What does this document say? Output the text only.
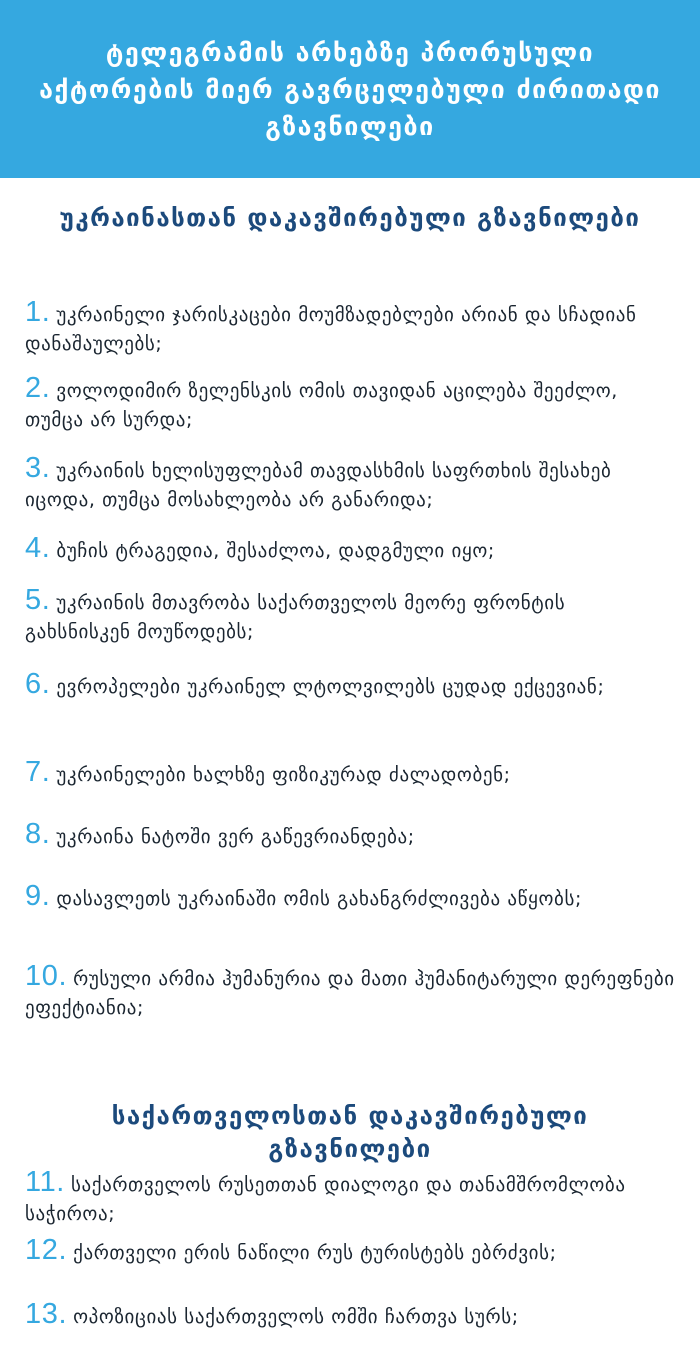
ტელეგრამის არხებზე პრორუსული აქტორების მიერ გავრცელებული ძირითადი გზავნილები
უკრაინასთან დაკავშირებული გზავნილები
1. უკრაინელი ჯარისკაცები მოუმზადებლები არიან და სჩადიან დანაშაულებს;
2. ვოლოდიმირ ზელენსკის ომის თავიდან აცილება შეეძლო, თუმცა არ სურდა;
3. უკრაინის ხელისუფლებამ თავდასხმის საფრთხის შესახებ იცოდა, თუმცა მოსახლეობა არ განარიდა;
4. ბუჩის ტრაგედია, შესაძლოა, დადგმული იყო;
5. უკრაინის მთავრობა საქართველოს მეორე ფრონტის გახსნისკენ მოუწოდებს;
6. ევროპელები უკრაინელ ლტოლვილებს ცუდად ექცევიან;
7. უკრაინელები ხალხზე ფიზიკურად ძალადობენ;
8. უკრაინა ნატოში ვერ გაწევრიანდება;
9. დასავლეთს უკრაინაში ომის გახანგრძლივება აწყობს;
10. რუსული არმია ჰუმანურია და მათი ჰუმანიტარული დერეფნები ეფექტიანია;
საქართველოსთან დაკავშირებული გზავნილები
11. საქართველოს რუსეთთან დიალოგი და თანამშრომლობა საჭიროა;
12. ქართველი ერის ნაწილი რუს ტურისტებს ებრძვის;
13. ოპოზიციას საქართველოს ომში ჩართვა სურს;
